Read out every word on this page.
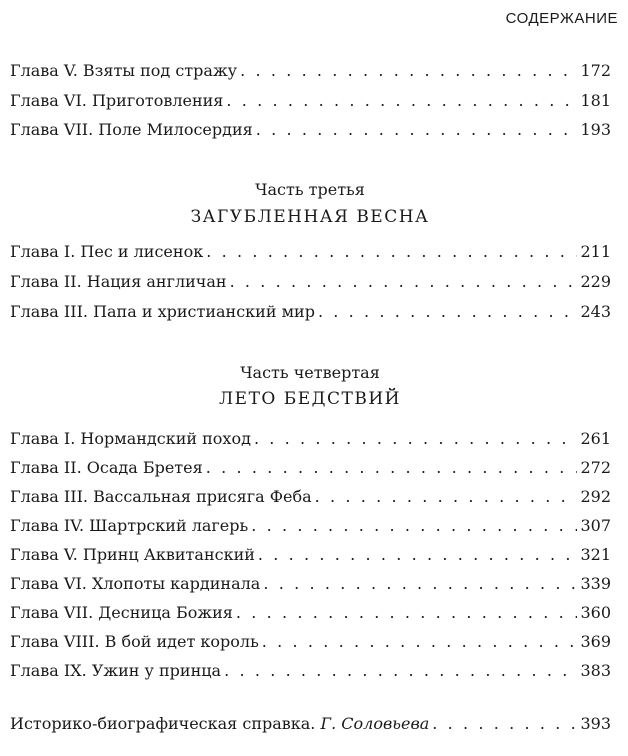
СОДЕРЖАНИЕ
Глава V. Взяты под стражу . . .	172
Глава VI. Приготовления . . .	181
Глава VII. Поле Милосердия . . .	193
Часть третья
ЗАГУБЛЕННАЯ ВЕСНА
Глава I. Пес и лисенок . . .	211
Глава II. Нация англичан . . .	229
Глава III. Папа и христианский мир . . .	243
Часть четвертая
ЛЕТО БЕДСТВИЙ
Глава I. Нормандский поход . . .	261
Глава II. Осада Бретея . . .	272
Глава III. Вассальная присяга Феба . . .	292
Глава IV. Шартрский лагерь . . .	307
Глава V. Принц Аквитанский . . .	321
Глава VI. Хлопоты кардинала . . .	339
Глава VII. Десница Божия . . .	360
Глава VIII. В бой идет король . . .	369
Глава IX. Ужин у принца . . .	383
Историко-биографическая справка. Г. Соловьева . . .	393
